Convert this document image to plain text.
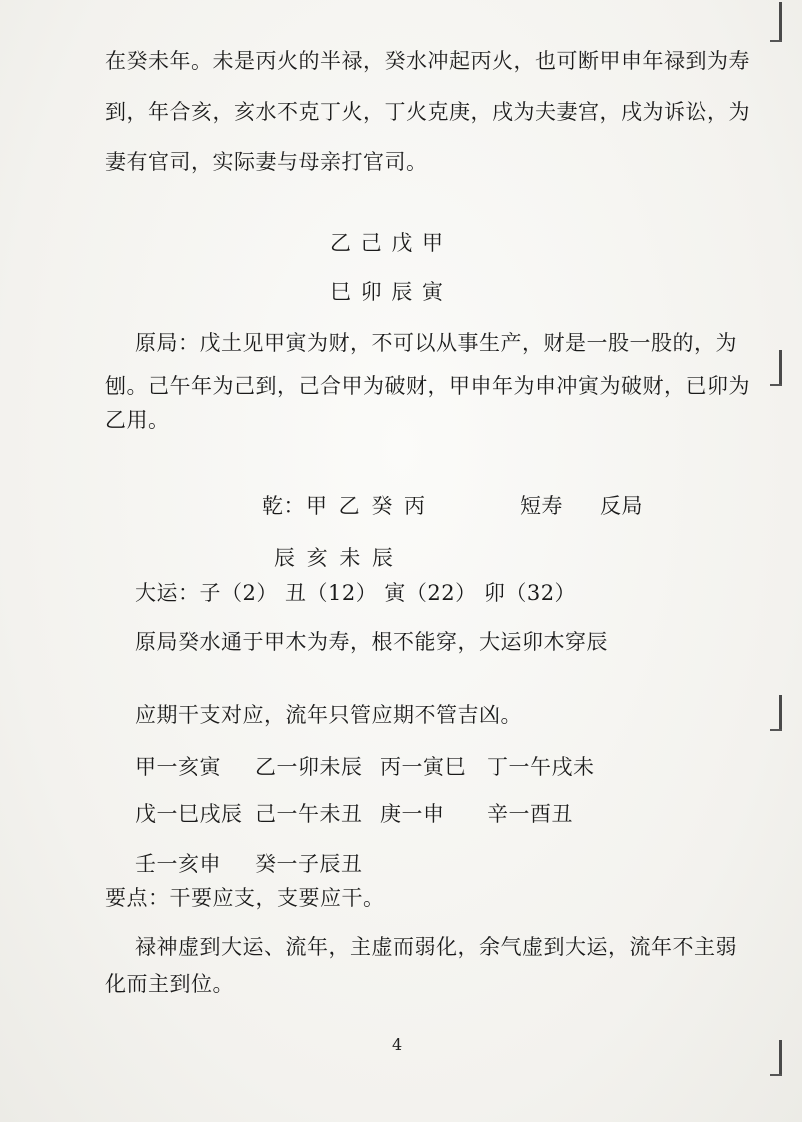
在癸未年。未是丙火的半禄，癸水冲起丙火，也可断甲申年禄到为寿
到，年合亥，亥水不克丁火，丁火克庚，戌为夫妻宫，戌为诉讼，为
妻有官司，实际妻与母亲打官司。
乙 己 戊 甲
巳 卯 辰 寅
原局：戊土见甲寅为财，不可以从事生产，财是一股一股的，为
刨。己午年为己到，己合甲为破财，甲申年为申冲寅为破财，已卯为
乙用。
乾： 甲 乙 癸 丙	短寿 反局
辰 亥 未 辰
大运：子（2） 丑（12） 寅（22） 卯（32）
原局癸水通于甲木为寿，根不能穿，大运卯木穿辰
应期干支对应，流年只管应期不管吉凶。
甲一亥寅 乙一卯未辰 丙一寅巳 丁一午戌未
戊一巳戌辰 己一午未丑 庚一申 辛一酉丑
壬一亥申 癸一子辰丑
要点：干要应支，支要应干。
禄神虚到大运、流年，主虚而弱化，余气虚到大运，流年不主弱
化而主到位。
4
